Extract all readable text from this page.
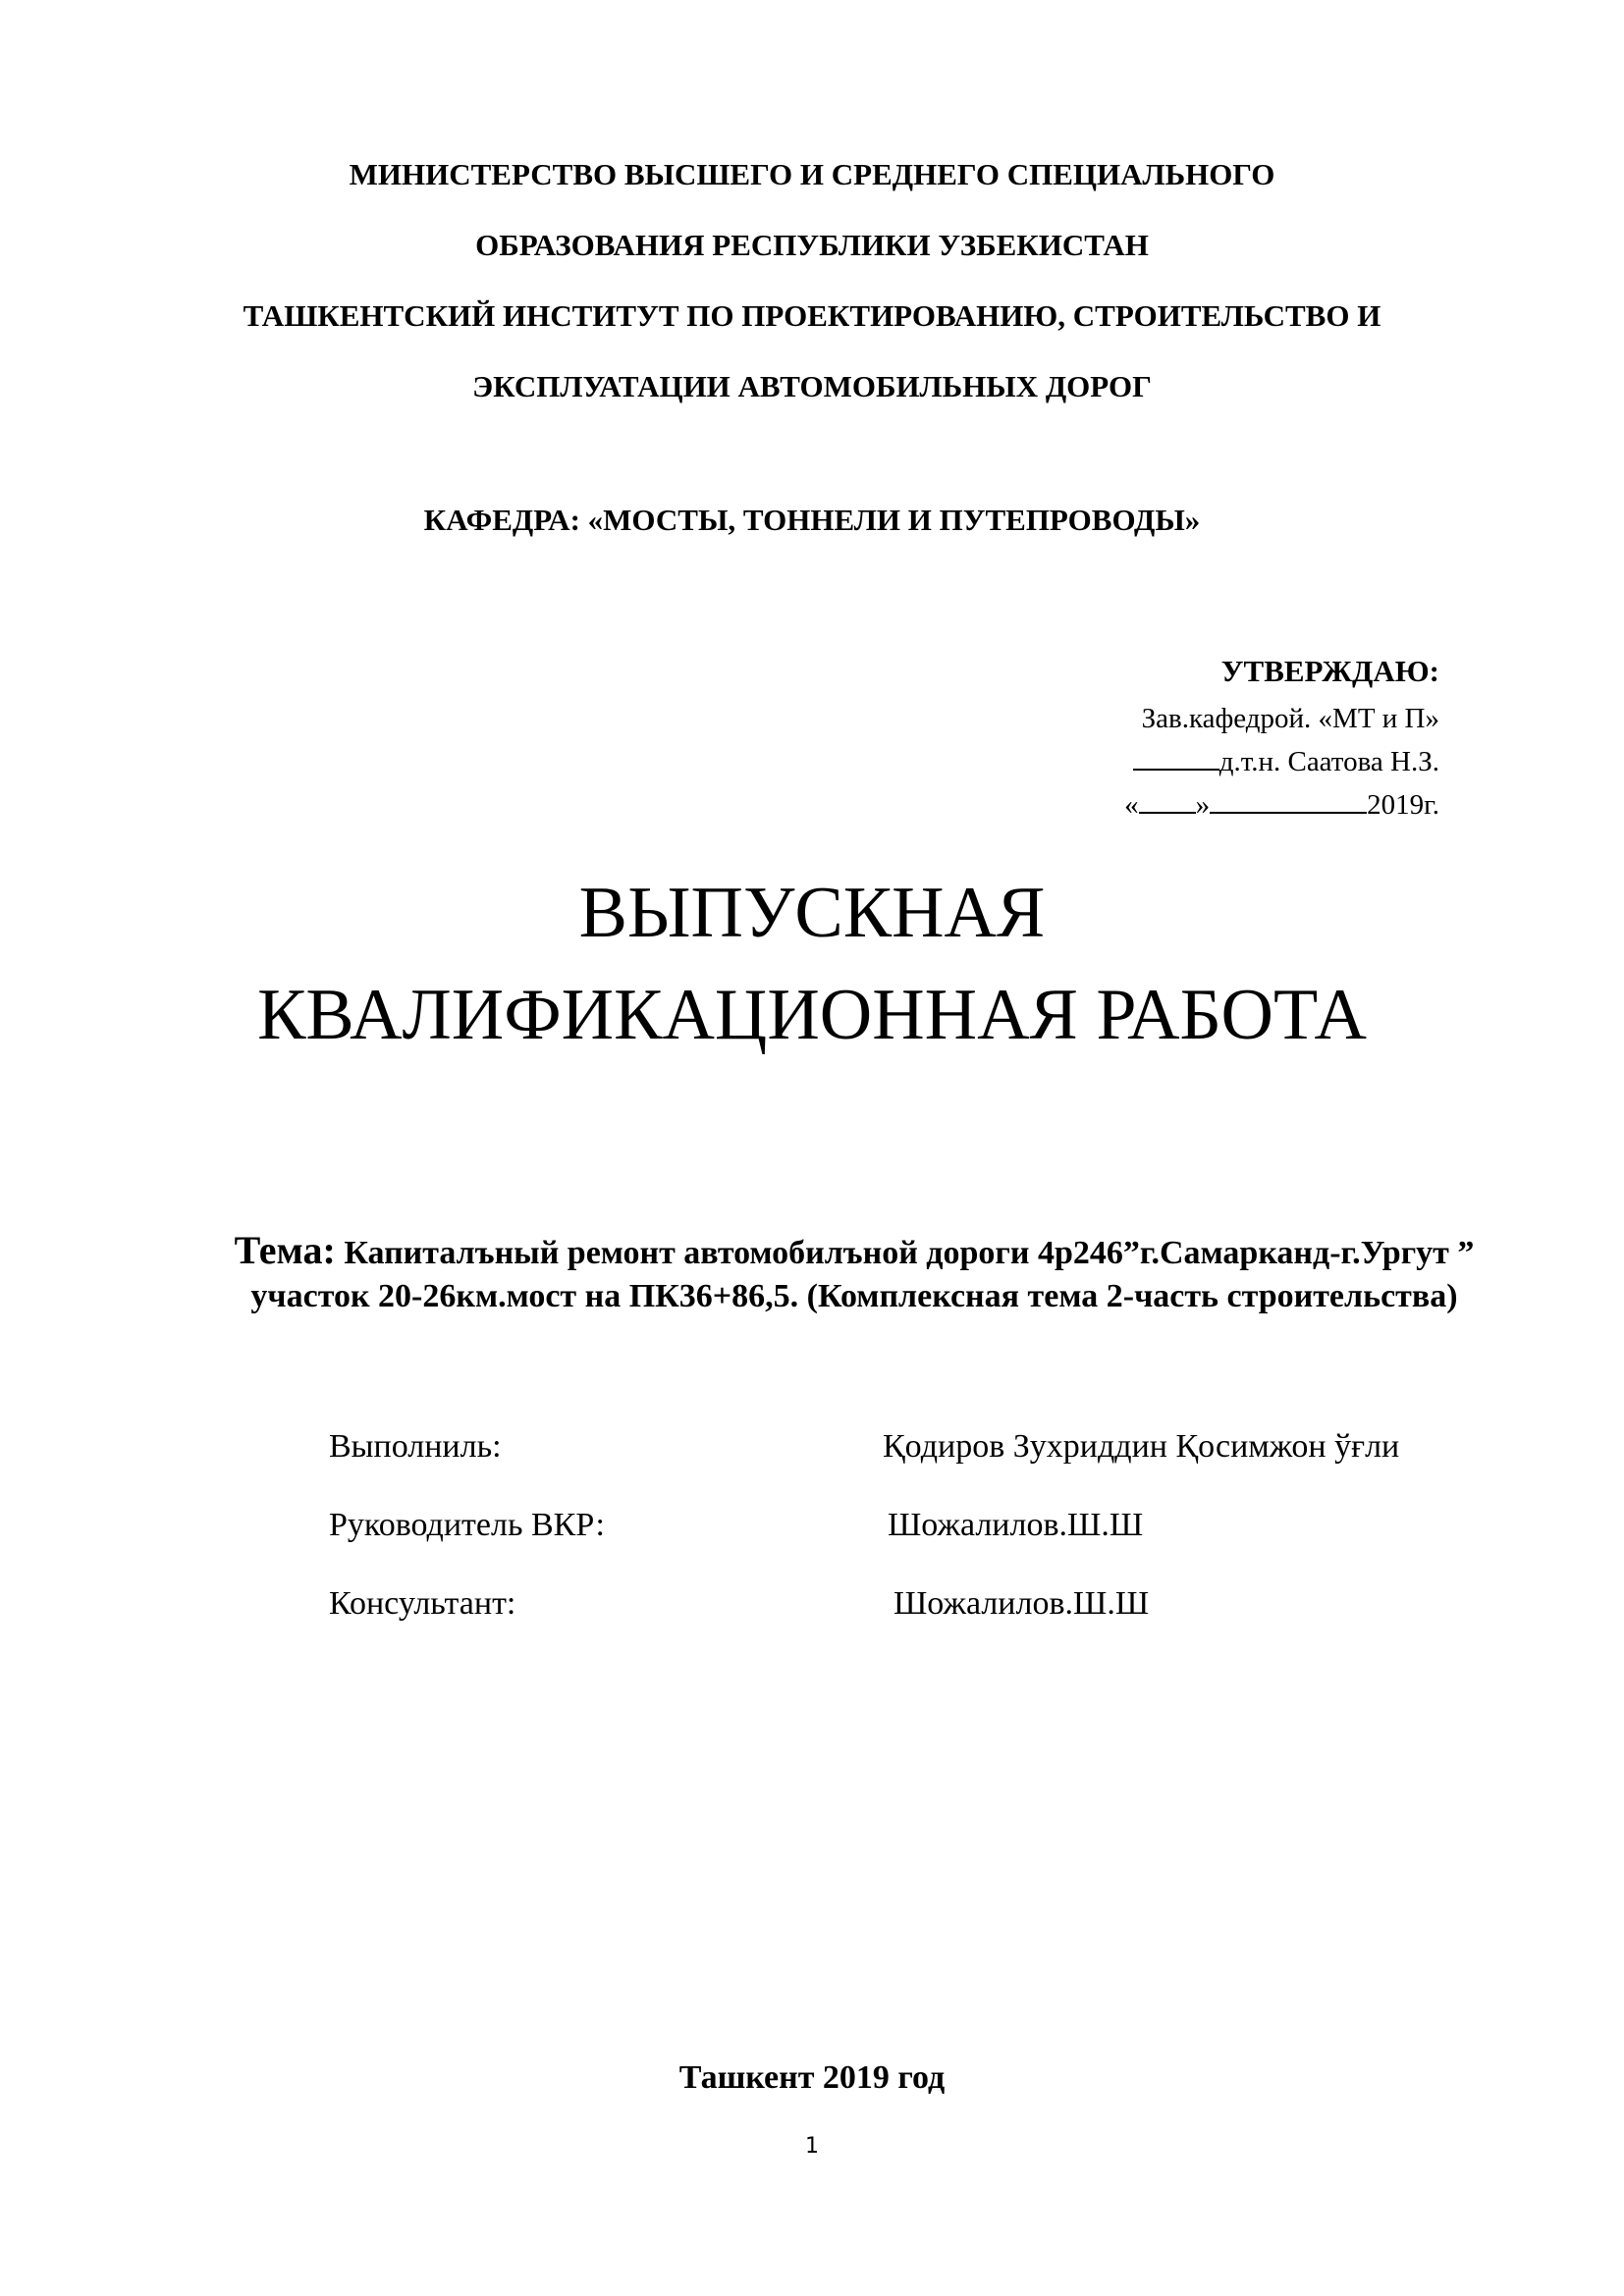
МИНИСТЕРСТВО ВЫСШЕГО И СРЕДНЕГО СПЕЦИАЛЬНОГО
ОБРАЗОВАНИЯ РЕСПУБЛИКИ УЗБЕКИСТАН
ТАШКЕНТСКИЙ ИНСТИТУТ ПО ПРОЕКТИРОВАНИЮ, СТРОИТЕЛЬСТВО И
ЭКСПЛУАТАЦИИ АВТОМОБИЛЬНЫХ ДОРОГ
КАФЕДРА: «МОСТЫ, ТОННЕЛИ И ПУТЕПРОВОДЫ»
УТВЕРЖДАЮ:
Зав.кафедрой. «МТ и П»
д.т.н. Саатова Н.З.
« »	2019г.
ВЫПУСКНАЯ
КВАЛИФИКАЦИОННАЯ РАБОТА
Тема: Капиталъный ремонт автомобилъной дороги 4р246”г.Самарканд-г.Ургут ” участок 20-26км.мост на ПК36+86,5. (Комплексная тема 2-часть строительства)
Выполниль:	Қодиров Зухриддин Қосимжон ўғли
Руководитель ВКР:	Шожалилов.Ш.Ш
Консультант:	Шожалилов.Ш.Ш
Ташкент 2019 год
1
